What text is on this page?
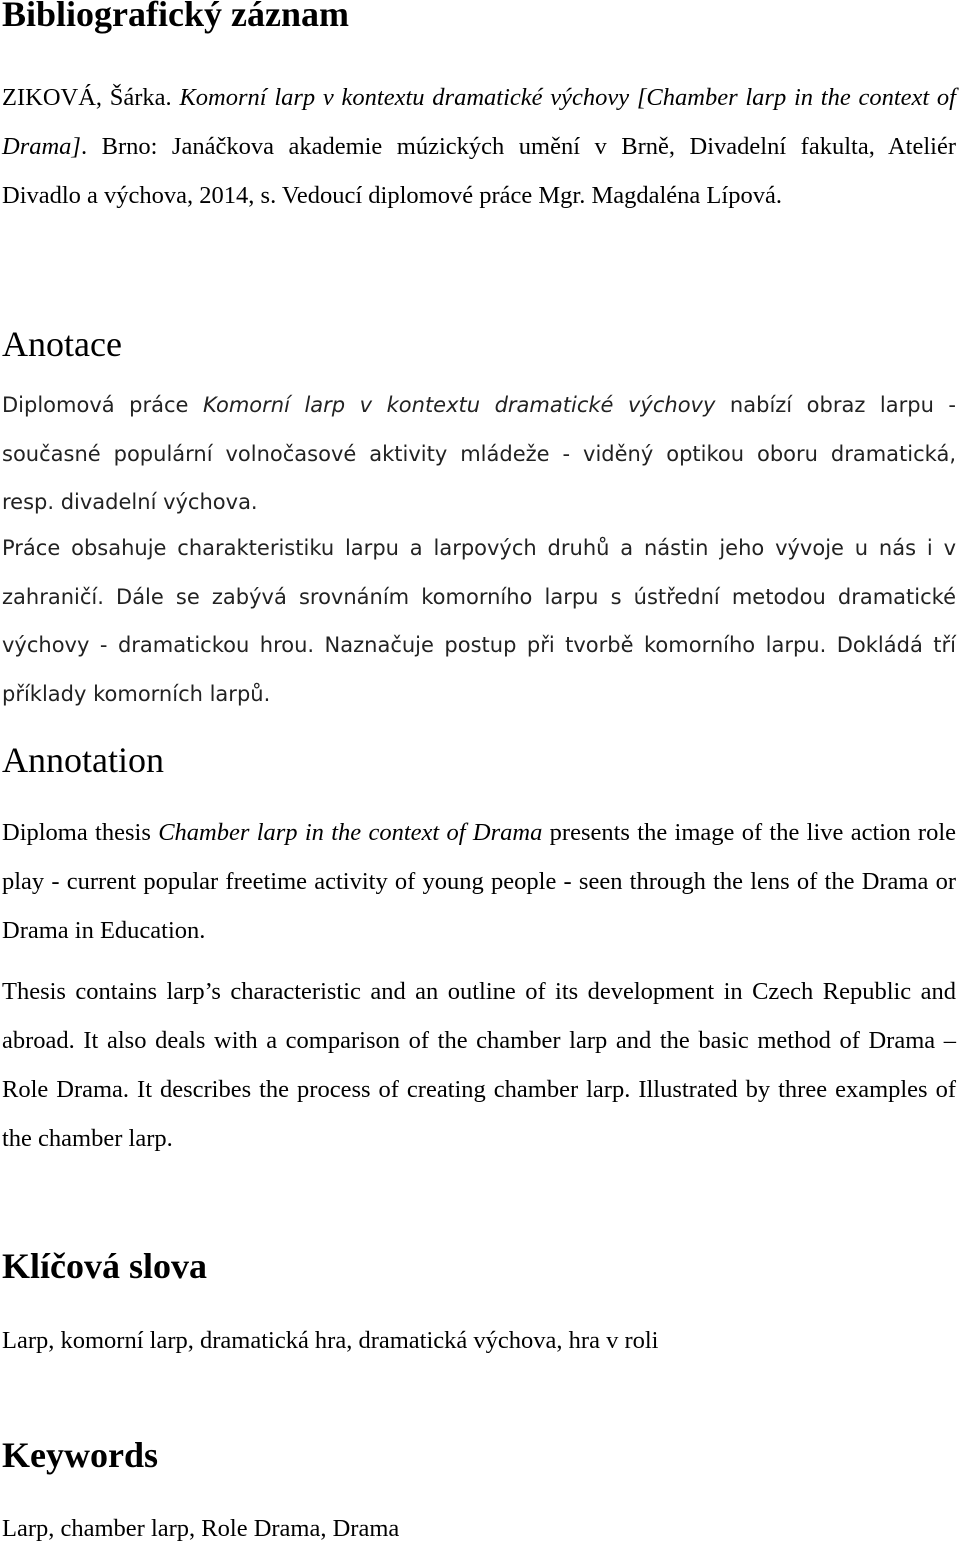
Bibliografický záznam

ZIKOVÁ, Šárka. Komorní larp v kontextu dramatické výchovy [Chamber larp in the context of Drama]. Brno: Janáčkova akademie múzických umění v Brně, Divadelní fakulta, Ateliér Divadlo a výchova, 2014, s. Vedoucí diplomové práce Mgr. Magdaléna Lípová.

Anotace

Diplomová práce Komorní larp v kontextu dramatické výchovy nabízí obraz larpu - současné populární volnočasové aktivity mládeže - viděný optikou oboru dramatická, resp. divadelní výchova.

Práce obsahuje charakteristiku larpu a larpových druhů a nástin jeho vývoje u nás i v zahraničí. Dále se zabývá srovnáním komorního larpu s ústřední metodou dramatické výchovy - dramatickou hrou. Naznačuje postup při tvorbě komorního larpu. Dokládá tří příklady komorních larpů.

Annotation

Diploma thesis Chamber larp in the context of Drama presents the image of the live action role play - current popular freetime activity of young people - seen through the lens of the Drama or Drama in Education.

Thesis contains larp’s characteristic and an outline of its development in Czech Republic and abroad. It also deals with a comparison of the chamber larp and the basic method of Drama – Role Drama. It describes the process of creating chamber larp. Illustrated by three examples of the chamber larp.

Klíčová slova

Larp, komorní larp, dramatická hra, dramatická výchova, hra v roli

Keywords

Larp, chamber larp, Role Drama, Drama
